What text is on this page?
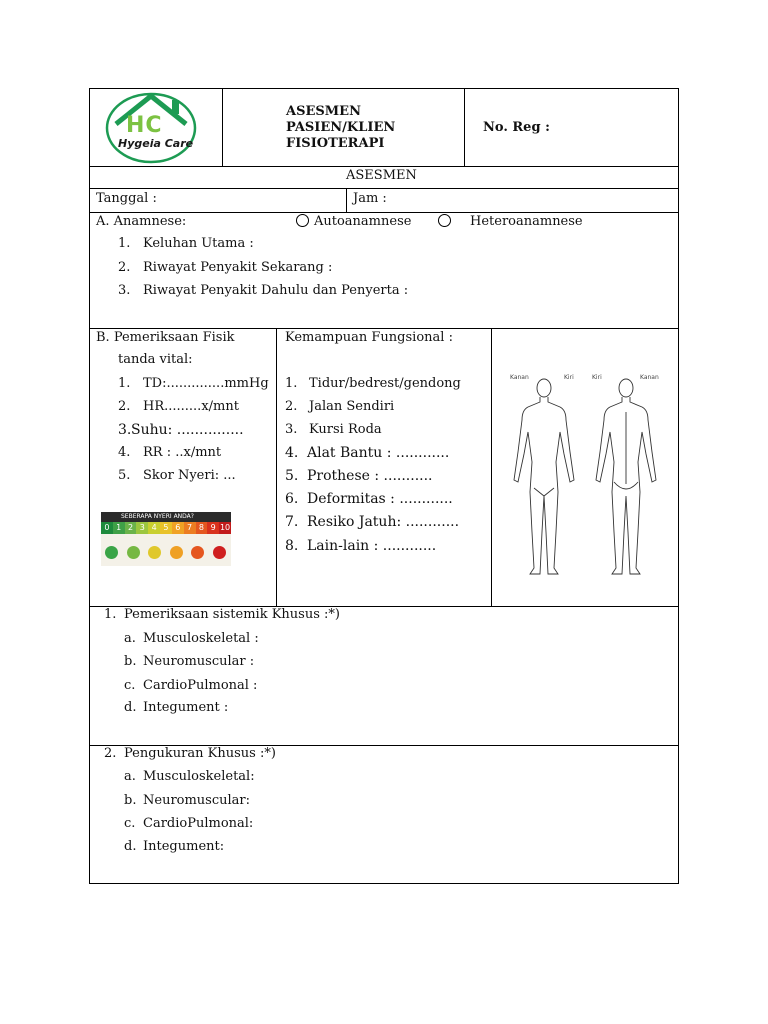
HC
Hygeia Care
ASESMEN
PASIEN/KLIEN
FISIOTERAPI
No. Reg :
ASESMEN
Tanggal :	Jam :
A. Anamnese:	Autoanamnese	Heteroanamnese
1. Keluhan Utama :
2. Riwayat Penyakit Sekarang :
3. Riwayat Penyakit Dahulu dan Penyerta :
B. Pemeriksaan Fisik
tanda vital:
1. TD:..............mmHg
2. HR.........x/mnt
3. Suhu: ...............
4. RR : ..x/mnt
5. Skor Nyeri: ...
SEBERAPA NYERI ANDA?
0 1 2 3 4 5 6 7 8 9 10
Kemampuan Fungsional :
1. Tidur/bedrest/gendong
2. Jalan Sendiri
3. Kursi Roda
4. Alat Bantu : ............
5. Prothese : ...........
6. Deformitas : ............
7. Resiko Jatuh: ............
8. Lain-lain : ............
Kanan	Kiri	Kiri	Kanan
1. Pemeriksaan sistemik Khusus :*)
a. Musculoskeletal :
b. Neuromuscular :
c. CardioPulmonal :
d. Integument :
2. Pengukuran Khusus :*)
a. Musculoskeletal:
b. Neuromuscular:
c. CardioPulmonal:
d. Integument:
